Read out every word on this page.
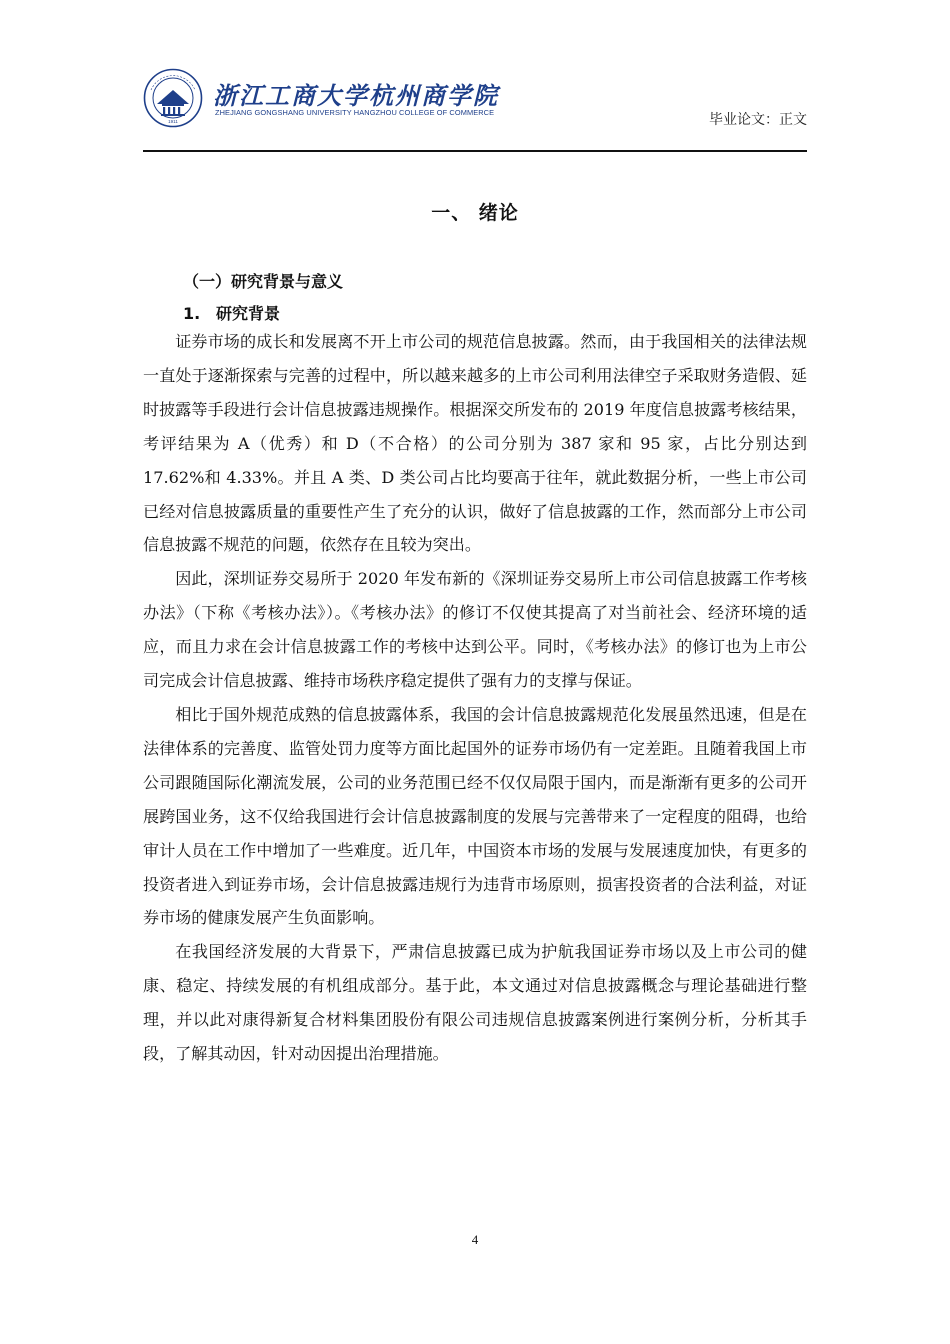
1911
浙江工商大学杭州商学院
ZHEJIANG GONGSHANG UNIVERSITY HANGZHOU COLLEGE OF COMMERCE	毕业论文：正文
一、 绪论
（一）研究背景与意义
1. 研究背景

证券市场的成长和发展离不开上市公司的规范信息披露。然而，由于我国相关的法律法规一直处于逐渐探索与完善的过程中，所以越来越多的上市公司利用法律空子采取财务造假、延时披露等手段进行会计信息披露违规操作。根据深交所发布的 2019 年度信息披露考核结果，考评结果为 A（优秀）和 D（不合格）的公司分别为 387 家和 95 家，占比分别达到 17.62%和 4.33%。并且 A 类、D 类公司占比均要高于往年，就此数据分析，一些上市公司已经对信息披露质量的重要性产生了充分的认识，做好了信息披露的工作，然而部分上市公司信息披露不规范的问题，依然存在且较为突出。

因此，深圳证券交易所于 2020 年发布新的《深圳证券交易所上市公司信息披露工作考核办法》（下称《考核办法》）。《考核办法》的修订不仅使其提高了对当前社会、经济环境的适应，而且力求在会计信息披露工作的考核中达到公平。同时，《考核办法》的修订也为上市公司完成会计信息披露、维持市场秩序稳定提供了强有力的支撑与保证。

相比于国外规范成熟的信息披露体系，我国的会计信息披露规范化发展虽然迅速，但是在法律体系的完善度、监管处罚力度等方面比起国外的证券市场仍有一定差距。且随着我国上市公司跟随国际化潮流发展，公司的业务范围已经不仅仅局限于国内，而是渐渐有更多的公司开展跨国业务，这不仅给我国进行会计信息披露制度的发展与完善带来了一定程度的阻碍，也给审计人员在工作中增加了一些难度。近几年，中国资本市场的发展与发展速度加快，有更多的投资者进入到证券市场，会计信息披露违规行为违背市场原则，损害投资者的合法利益，对证券市场的健康发展产生负面影响。

在我国经济发展的大背景下，严肃信息披露已成为护航我国证券市场以及上市公司的健康、稳定、持续发展的有机组成部分。基于此，本文通过对信息披露概念与理论基础进行整理，并以此对康得新复合材料集团股份有限公司违规信息披露案例进行案例分析，分析其手段，了解其动因，针对动因提出治理措施。

4
